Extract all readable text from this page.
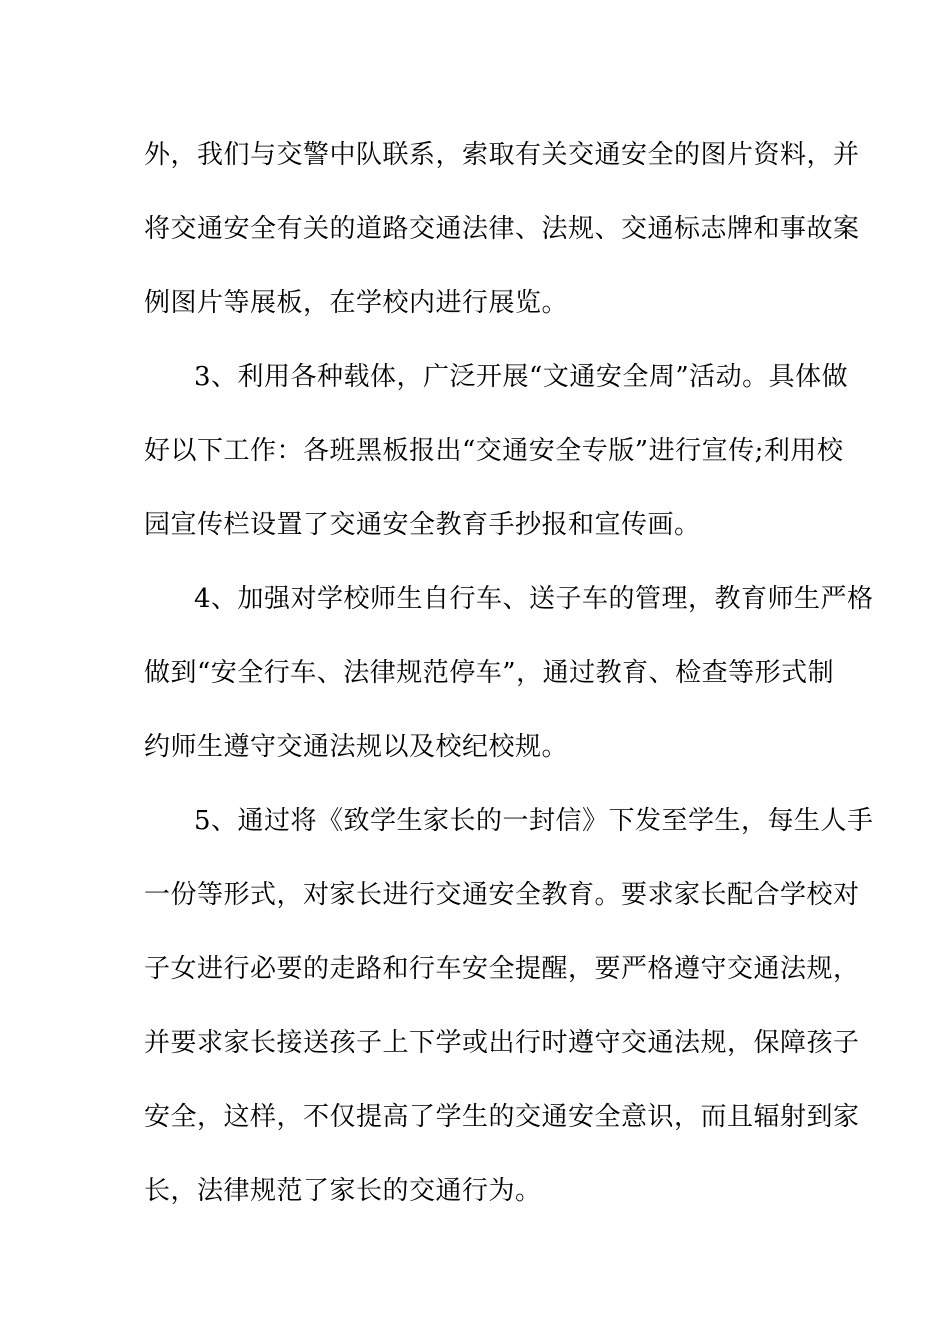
外，我们与交警中队联系，索取有关交通安全的图片资料，并
将交通安全有关的道路交通法律、法规、交通标志牌和事故案
例图片等展板，在学校内进行展览。
3、利用各种载体，广泛开展“文通安全周”活动。具体做
好以下工作：各班黑板报出“交通安全专版”进行宣传;利用校
园宣传栏设置了交通安全教育手抄报和宣传画。
4、加强对学校师生自行车、送子车的管理，教育师生严格
做到“安全行车、法律规范停车”，通过教育、检查等形式制
约师生遵守交通法规以及校纪校规。
5、通过将《致学生家长的一封信》下发至学生，每生人手
一份等形式，对家长进行交通安全教育。要求家长配合学校对
子女进行必要的走路和行车安全提醒，要严格遵守交通法规，
并要求家长接送孩子上下学或出行时遵守交通法规，保障孩子
安全，这样，不仅提高了学生的交通安全意识，而且辐射到家
长，法律规范了家长的交通行为。
